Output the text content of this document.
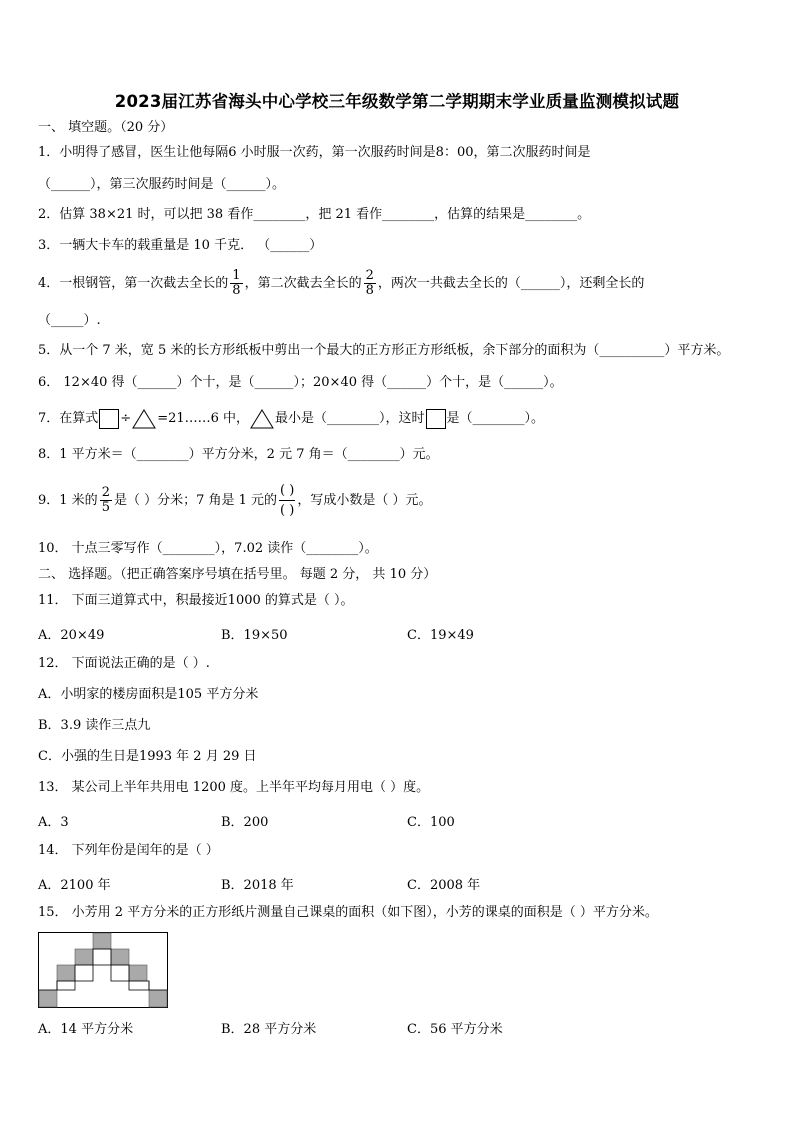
2023届江苏省海头中心学校三年级数学第二学期期末学业质量监测模拟试题
一、 填空题。（20 分）
1．小明得了感冒，医生让他每隔6 小时服一次药，第一次服药时间是8：00，第二次服药时间是
（______），第三次服药时间是（______）。
2．估算 38×21 时，可以把 38 看作________，把 21 看作________，估算的结果是________。
3．一辆大卡车的载重量是 10 千克． （______）
4．一根钢管，第一次截去全长的 $\frac{1}{8}$ ，第二次截去全长的 $\frac{2}{8}$ ，两次一共截去全长的（______），还剩全长的
（_____）.
5．从一个 7 米，宽 5 米的长方形纸板中剪出一个最大的正方形正方形纸板，余下部分的面积为（__________）平方米。
6． 12×40 得（______）个十，是（______）；20×40 得（______）个十，是（______）。
7．在算式 ÷ =21……6 中， 最小是（________），这时 是（________）。
8．1 平方米＝（________）平方分米，2 元 7 角＝（________）元。
9．1 米的 $\frac{2}{5}$ 是（ ）分米；7 角是 1 元的 $\frac{( )}{( )}$ ，写成小数是（ ）元。
10． 十点三零写作（________），7.02 读作（________）。
二、 选择题。（把正确答案序号填在括号里。 每题 2 分， 共 10 分）
11． 下面三道算式中，积最接近1000 的算式是（ ）。
A．20×49	B．19×50	C．19×49
12． 下面说法正确的是（ ）.
A．小明家的楼房面积是105 平方分米
B．3.9 读作三点九
C．小强的生日是1993 年 2 月 29 日
13． 某公司上半年共用电 1200 度。上半年平均每月用电（ ）度。
A．3	B．200	C．100
14． 下列年份是闰年的是（ ）
A．2100 年	B．2018 年	C．2008 年
15． 小芳用 2 平方分米的正方形纸片测量自己课桌的面积（如下图），小芳的课桌的面积是（ ）平方分米。
A．14 平方分米	B．28 平方分米	C．56 平方分米
